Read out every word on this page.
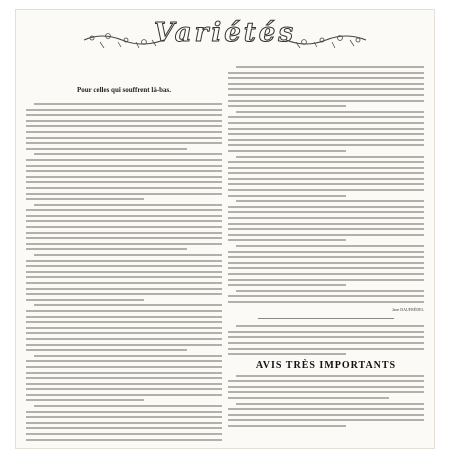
Variétés
Pour celles qui souffrent là-bas.
Jane DAUFRÉDEL
AVIS TRÈS IMPORTANTS
